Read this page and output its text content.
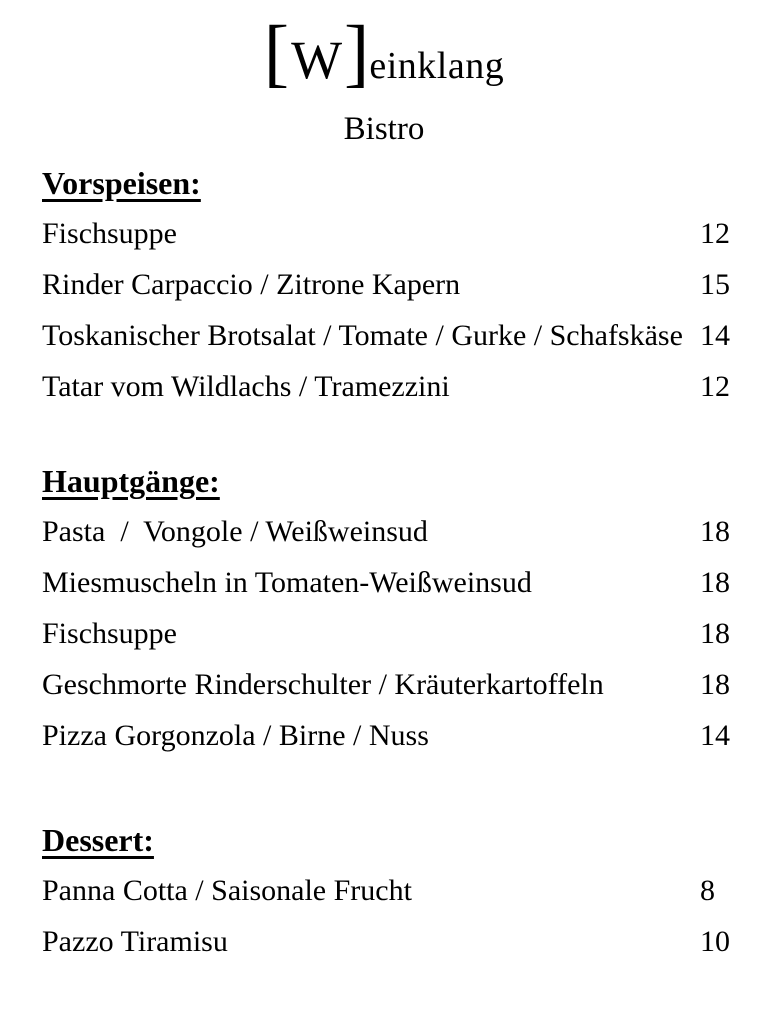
[W]einklang
Bistro
Vorspeisen:
Fischsuppe	12
Rinder Carpaccio / Zitrone Kapern	15
Toskanischer Brotsalat / Tomate / Gurke / Schafskäse 14
Tatar vom Wildlachs / Tramezzini	12
Hauptgänge:
Pasta  /  Vongole / Weißweinsud	18
Miesmuscheln in Tomaten-Weißweinsud	18
Fischsuppe	18
Geschmorte Rinderschulter / Kräuterkartoffeln	18
Pizza Gorgonzola / Birne / Nuss	14
Dessert:
Panna Cotta / Saisonale Frucht	8
Pazzo Tiramisu	10
